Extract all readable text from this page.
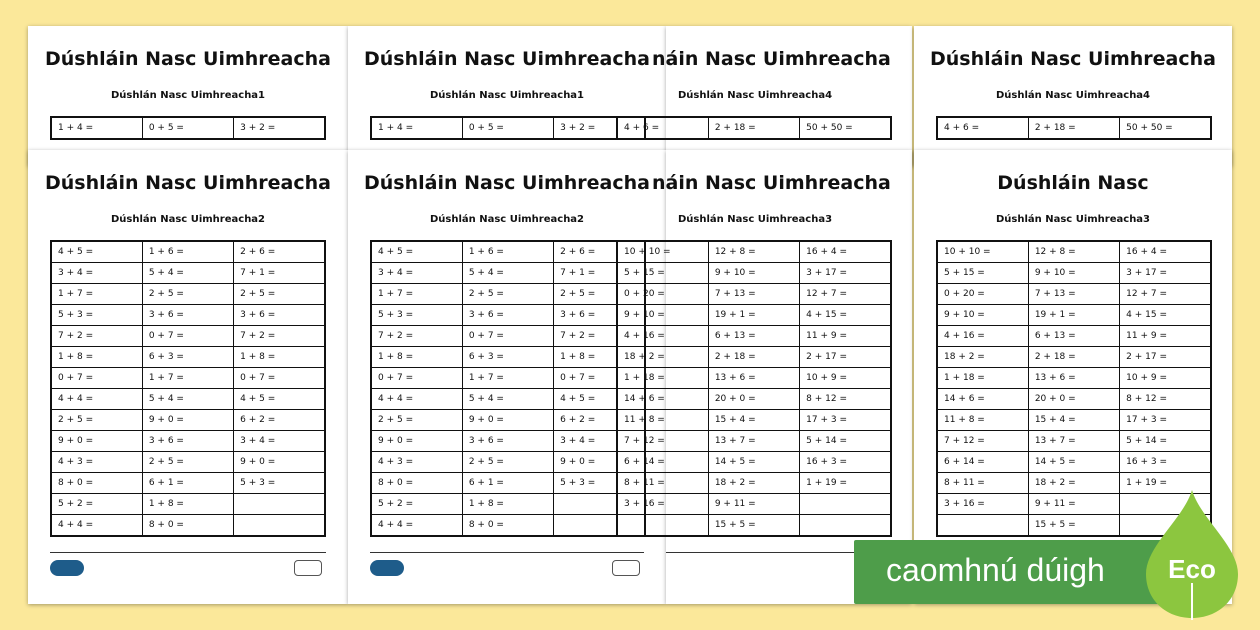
Dúshláin Nasc Uimhreacha
Dúshlán Nasc Uimhreacha1
1 + 4 =	0 + 5 =	3 + 2 =
Dúshláin Nasc Uimhreacha
Dúshlán Nasc Uimhreacha1
1 + 4 =	0 + 5 =	3 + 2 =
náin Nasc Uimhreacha
Dúshlán Nasc Uimhreacha4
4 + 6 =	2 + 18 =	50 + 50 =
Dúshláin Nasc Uimhreacha
Dúshlán Nasc Uimhreacha4
4 + 6 =	2 + 18 =	50 + 50 =
Dúshláin Nasc Uimhreacha
Dúshlán Nasc Uimhreacha2
4 + 5 =	1 + 6 =	2 + 6 =
3 + 4 =	5 + 4 =	7 + 1 =
1 + 7 =	2 + 5 =	2 + 5 =
5 + 3 =	3 + 6 =	3 + 6 =
7 + 2 =	0 + 7 =	7 + 2 =
1 + 8 =	6 + 3 =	1 + 8 =
0 + 7 =	1 + 7 =	0 + 7 =
4 + 4 =	5 + 4 =	4 + 5 =
2 + 5 =	9 + 0 =	6 + 2 =
9 + 0 =	3 + 6 =	3 + 4 =
4 + 3 =	2 + 5 =	9 + 0 =
8 + 0 =	6 + 1 =	5 + 3 =
5 + 2 =	1 + 8 =	
4 + 4 =	8 + 0 =	
Dúshláin Nasc Uimhreacha
Dúshlán Nasc Uimhreacha2
4 + 5 =	1 + 6 =	2 + 6 =
3 + 4 =	5 + 4 =	7 + 1 =
1 + 7 =	2 + 5 =	2 + 5 =
5 + 3 =	3 + 6 =	3 + 6 =
7 + 2 =	0 + 7 =	7 + 2 =
1 + 8 =	6 + 3 =	1 + 8 =
0 + 7 =	1 + 7 =	0 + 7 =
4 + 4 =	5 + 4 =	4 + 5 =
2 + 5 =	9 + 0 =	6 + 2 =
9 + 0 =	3 + 6 =	3 + 4 =
4 + 3 =	2 + 5 =	9 + 0 =
8 + 0 =	6 + 1 =	5 + 3 =
5 + 2 =	1 + 8 =	
4 + 4 =	8 + 0 =	
náin Nasc Uimhreacha
Dúshlán Nasc Uimhreacha3
10 + 10 =	12 + 8 =	16 + 4 =
5 + 15 =	9 + 10 =	3 + 17 =
0 + 20 =	7 + 13 =	12 + 7 =
9 + 10 =	19 + 1 =	4 + 15 =
4 + 16 =	6 + 13 =	11 + 9 =
18 + 2 =	2 + 18 =	2 + 17 =
1 + 18 =	13 + 6 =	10 + 9 =
14 + 6 =	20 + 0 =	8 + 12 =
11 + 8 =	15 + 4 =	17 + 3 =
7 + 12 =	13 + 7 =	5 + 14 =
6 + 14 =	14 + 5 =	16 + 3 =
8 + 11 =	18 + 2 =	1 + 19 =
3 + 16 =	9 + 11 =	
	15 + 5 =	
Dúshláin Nasc
Dúshlán Nasc Uimhreacha3
10 + 10 =	12 + 8 =	16 + 4 =
5 + 15 =	9 + 10 =	3 + 17 =
0 + 20 =	7 + 13 =	12 + 7 =
9 + 10 =	19 + 1 =	4 + 15 =
4 + 16 =	6 + 13 =	11 + 9 =
18 + 2 =	2 + 18 =	2 + 17 =
1 + 18 =	13 + 6 =	10 + 9 =
14 + 6 =	20 + 0 =	8 + 12 =
11 + 8 =	15 + 4 =	17 + 3 =
7 + 12 =	13 + 7 =	5 + 14 =
6 + 14 =	14 + 5 =	16 + 3 =
8 + 11 =	18 + 2 =	1 + 19 =
3 + 16 =	9 + 11 =	
	15 + 5 =	
caomhnú dúigh Eco
